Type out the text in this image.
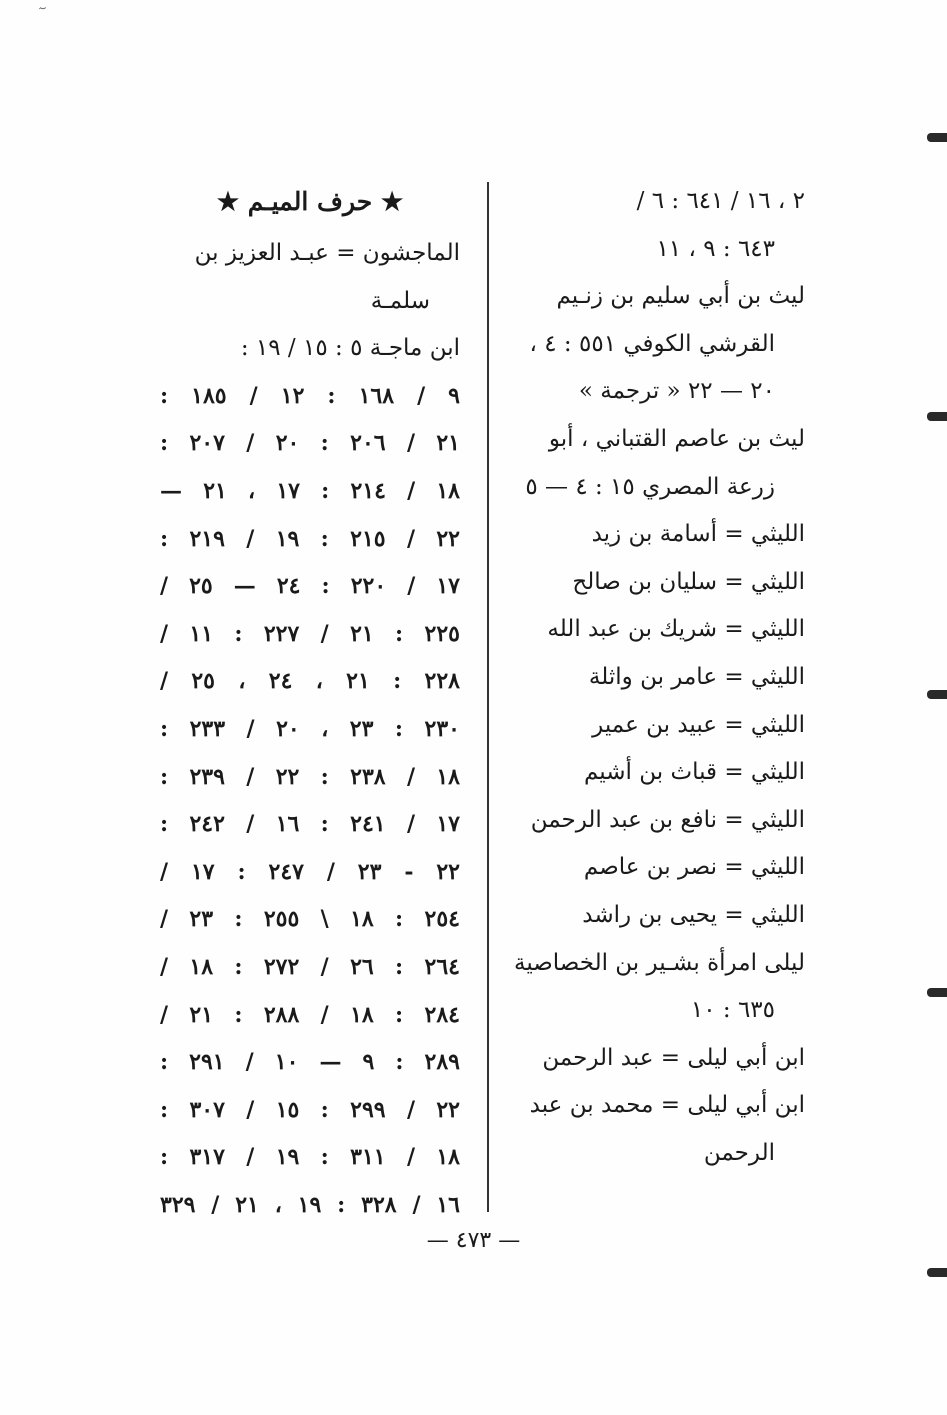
٢ ، ١٦ / ٦٤١ : ٦ /
٦٤٣ : ٩ ، ١١
ليث بن أبي سليم بن زنـيم
القرشي الكوفي ٥٥١ : ٤ ،
٢٠ — ٢٢ « ترجمة »
ليث بن عاصم القتباني ، أبو
زرعة المصري ١٥ : ٤ — ٥
الليثي = أسامة بن زيد
الليثي = سليان بن صالح
الليثي = شريك بن عبد الله
الليثي = عامر بن واثلة
الليثي = عبيد بن عمير
الليثي = قباث بن أشيم
الليثي = نافع بن عبد الرحمن
الليثي = نصر بن عاصم
الليثي = يحيى بن راشد
ليلى امرأة بشـير بن الخصاصية
٦٣٥ : ١٠
ابن أبي ليلى = عبد الرحمن
ابن أبي ليلى = محمد بن عبد
الرحمن
★ حرف الميـم ★
الماجشون = عبـد العزيز بن
سلمـة
ابن ماجـة ٥ : ١٥ / ١٩ :
٩ / ١٦٨ : ١٢ / ١٨٥ :
٢١ / ٢٠٦ : ٢٠ / ٢٠٧ :
١٨ / ٢١٤ : ١٧ ، ٢١ —
٢٢ / ٢١٥ : ١٩ / ٢١٩ :
١٧ / ٢٢٠ : ٢٤ — ٢٥ /
٢٢٥ : ٢١ / ٢٢٧ : ١١ /
٢٢٨ : ٢١ ، ٢٤ ، ٢٥ /
٢٣٠ : ٢٣ ، ٢٠ / ٢٣٣ :
١٨ / ٢٣٨ : ٢٢ / ٢٣٩ :
١٧ / ٢٤١ : ١٦ / ٢٤٢ :
٢٢ - ٢٣ / ٢٤٧ : ١٧ /
٢٥٤ : ١٨ \ ٢٥٥ : ٢٣ /
٢٦٤ : ٢٦ / ٢٧٢ : ١٨ /
٢٨٤ : ١٨ / ٢٨٨ : ٢١ /
٢٨٩ : ٩ — ١٠ / ٢٩١ :
٢٢ / ٢٩٩ : ١٥ / ٣٠٧ :
١٨ / ٣١١ : ١٩ / ٣١٧ :
١٦ / ٣٢٨ : ١٩ ، ٢١ / ٣٢٩
— ٤٧٣ —
